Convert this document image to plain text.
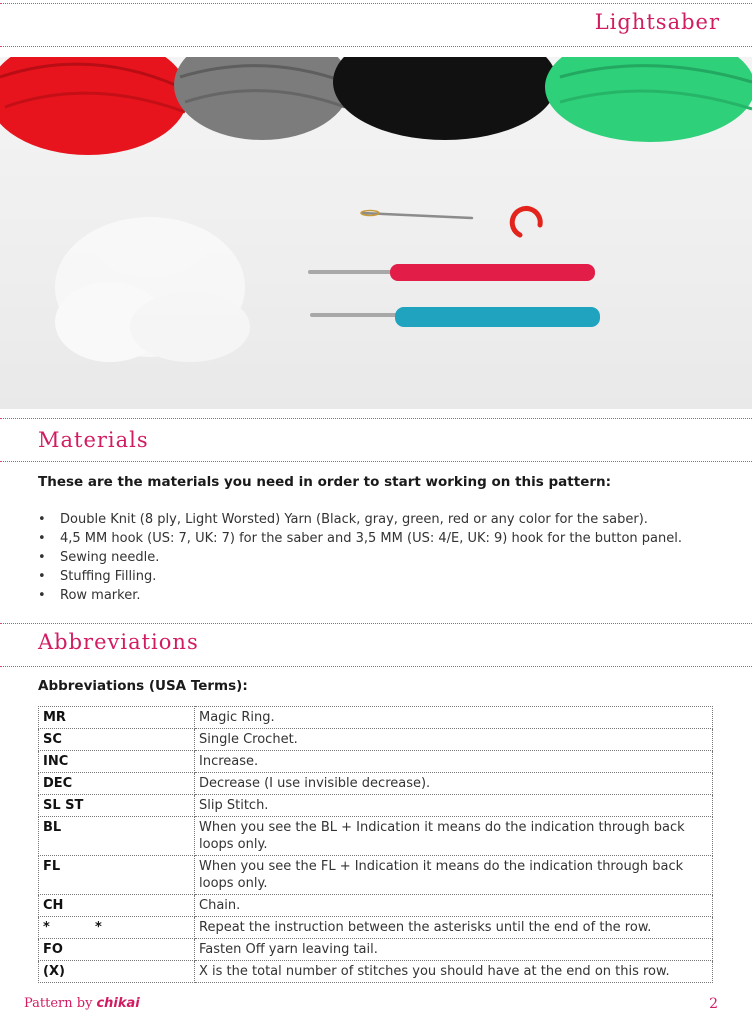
Lightsaber
Materials
These are the materials you need in order to start working on this pattern:
• Double Knit (8 ply, Light Worsted) Yarn (Black, gray, green, red or any color for the saber).
• 4,5 MM hook (US: 7, UK: 7) for the saber and 3,5 MM (US: 4/E, UK: 9) hook for the button panel.
• Sewing needle.
• Stuffing Filling.
• Row marker.
Abbreviations
Abbreviations (USA Terms):
MR	Magic Ring.
SC	Single Crochet.
INC	Increase.
DEC	Decrease (I use invisible decrease).
SL ST	Slip Stitch.
BL	When you see the BL + Indication it means do the indication through back loops only.
FL	When you see the FL + Indication it means do the indication through back loops only.
CH	Chain.
*          *	Repeat the instruction between the asterisks until the end of the row.
FO	Fasten Off yarn leaving tail.
(X)	X is the total number of stitches you should have at the end on this row.
Pattern by chikai	2
